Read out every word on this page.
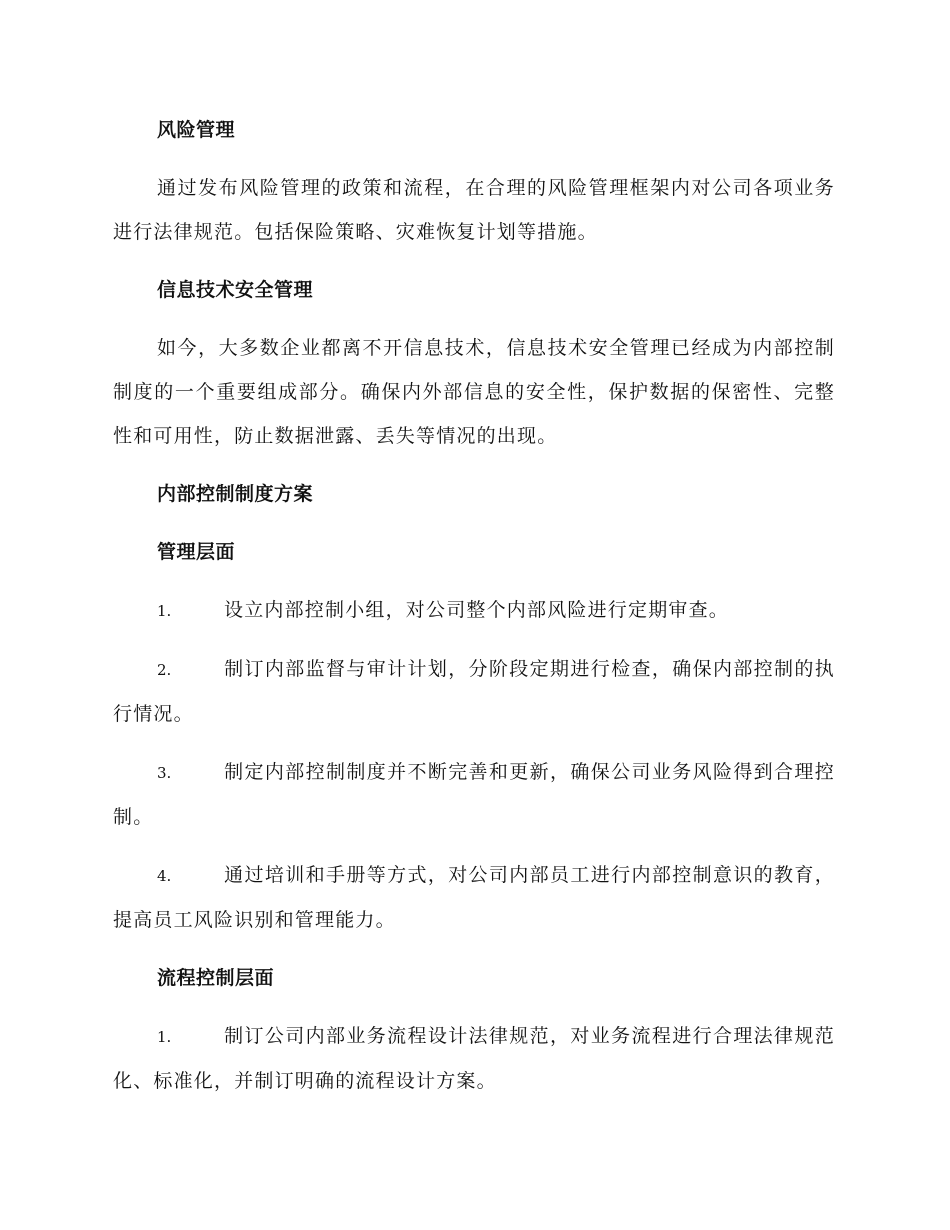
风险管理
通过发布风险管理的政策和流程，在合理的风险管理框架内对公司各项业务进行法律规范。包括保险策略、灾难恢复计划等措施。
信息技术安全管理
如今，大多数企业都离不开信息技术，信息技术安全管理已经成为内部控制制度的一个重要组成部分。确保内外部信息的安全性，保护数据的保密性、完整性和可用性，防止数据泄露、丢失等情况的出现。
内部控制制度方案
管理层面
1.	设立内部控制小组，对公司整个内部风险进行定期审查。
2.	制订内部监督与审计计划，分阶段定期进行检查，确保内部控制的执行情况。
3.	制定内部控制制度并不断完善和更新，确保公司业务风险得到合理控制。
4.	通过培训和手册等方式，对公司内部员工进行内部控制意识的教育，提高员工风险识别和管理能力。
流程控制层面
1.	制订公司内部业务流程设计法律规范，对业务流程进行合理法律规范化、标准化，并制订明确的流程设计方案。
